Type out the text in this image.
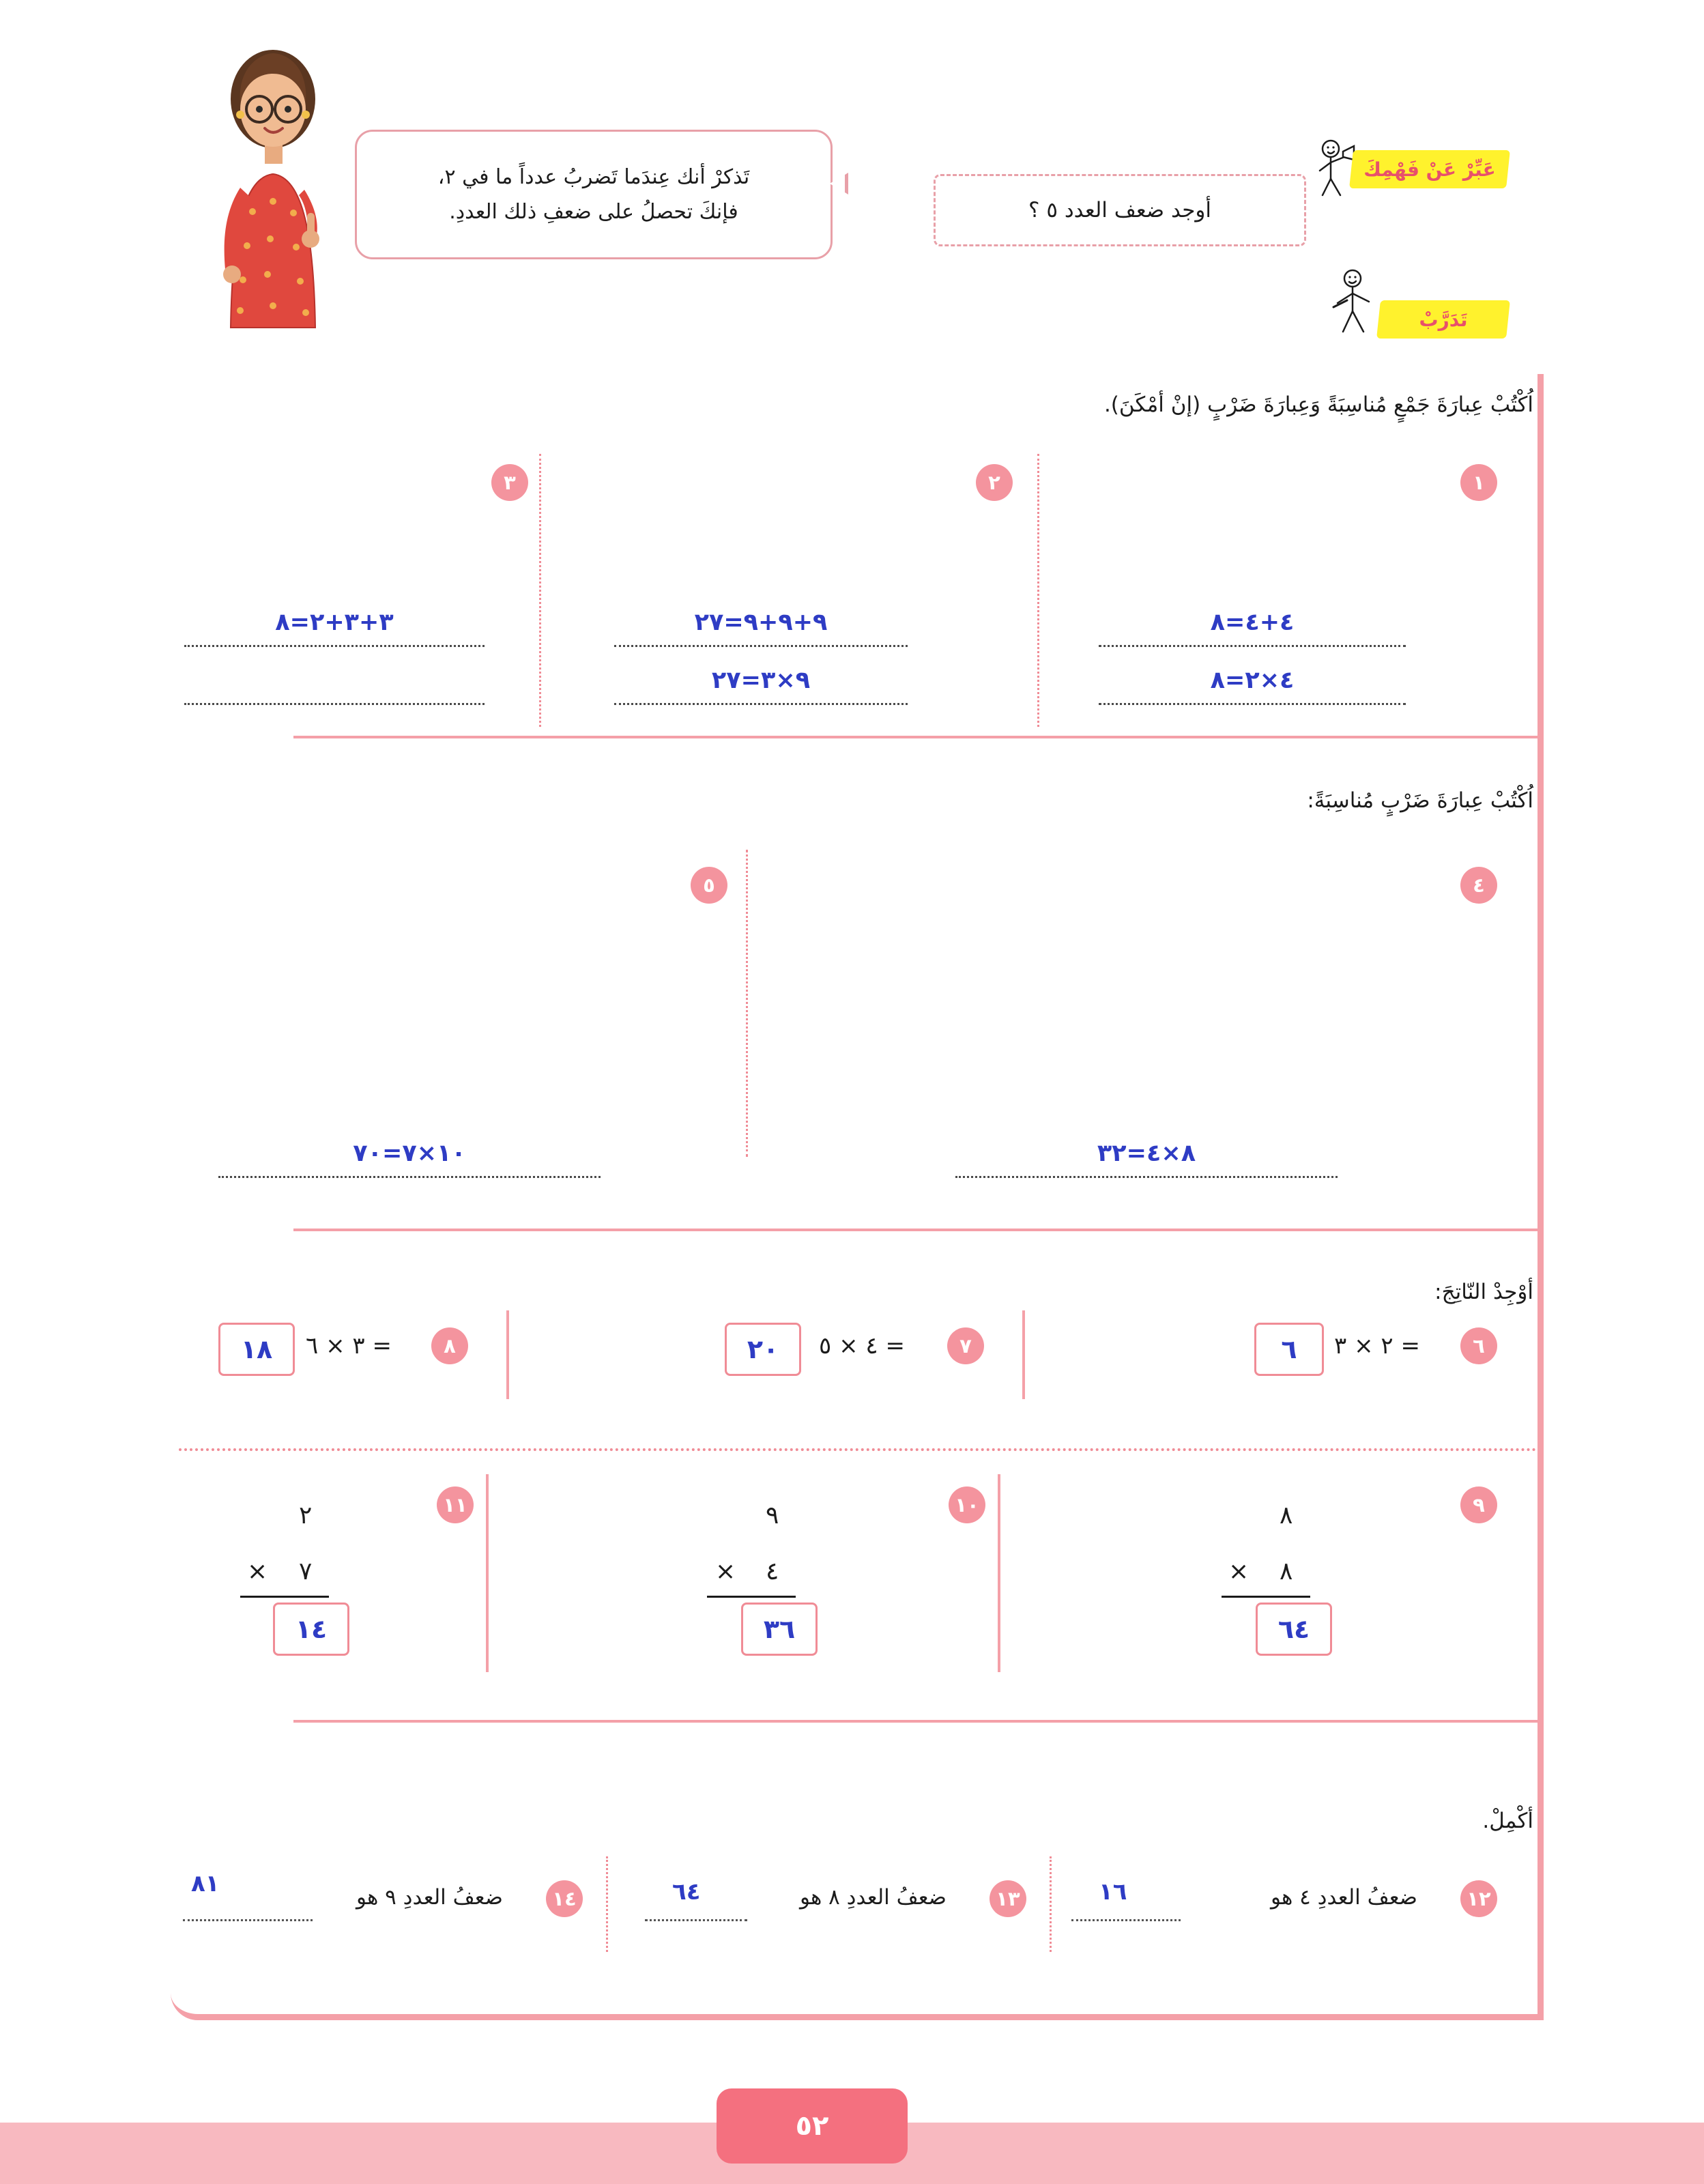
تَذكرْ أنك عِندَما تَضربُ عدداً ما في ٢،
فإنكَ تحصلُ على ضعفِ ذلك العددِ.
عَبِّرْ عَنْ فَهْمِكَ
تَدَرَّبْ
أوجد ضعف العدد ٥ ؟
اُكْتُبْ عِبارَةَ جَمْعٍ مُناسِبَةً وَعِبارَةَ ضَرْبٍ (إنْ أمْكَنَ).
١
٤+٤=٨
٤×٢=٨
٢
٩+٩+٩=٢٧
٩×٣=٢٧
٣
٣+٣+٢=٨
اُكْتُبْ عِبارَةَ ضَرْبٍ مُناسِبَةً:
٤
٨×٤=٣٢
٥
١٠×٧=٧٠
أوْجِدْ النّاتِجَ:
٦
٢ × ٣ =
٦
٧
٤ × ٥ =
٢٠
٨
٣ × ٦ =
١٨
٩
٨
٨
×
٦٤
١٠
٩
٤
×
٣٦
١١
٢
٧
×
١٤
أكْمِلْ.
١٢
ضعفُ العددِ ٤ هو
١٦
١٣
ضعفُ العددِ ٨ هو
٦٤
١٤
ضعفُ العددِ ٩ هو
٨١
٥٢
